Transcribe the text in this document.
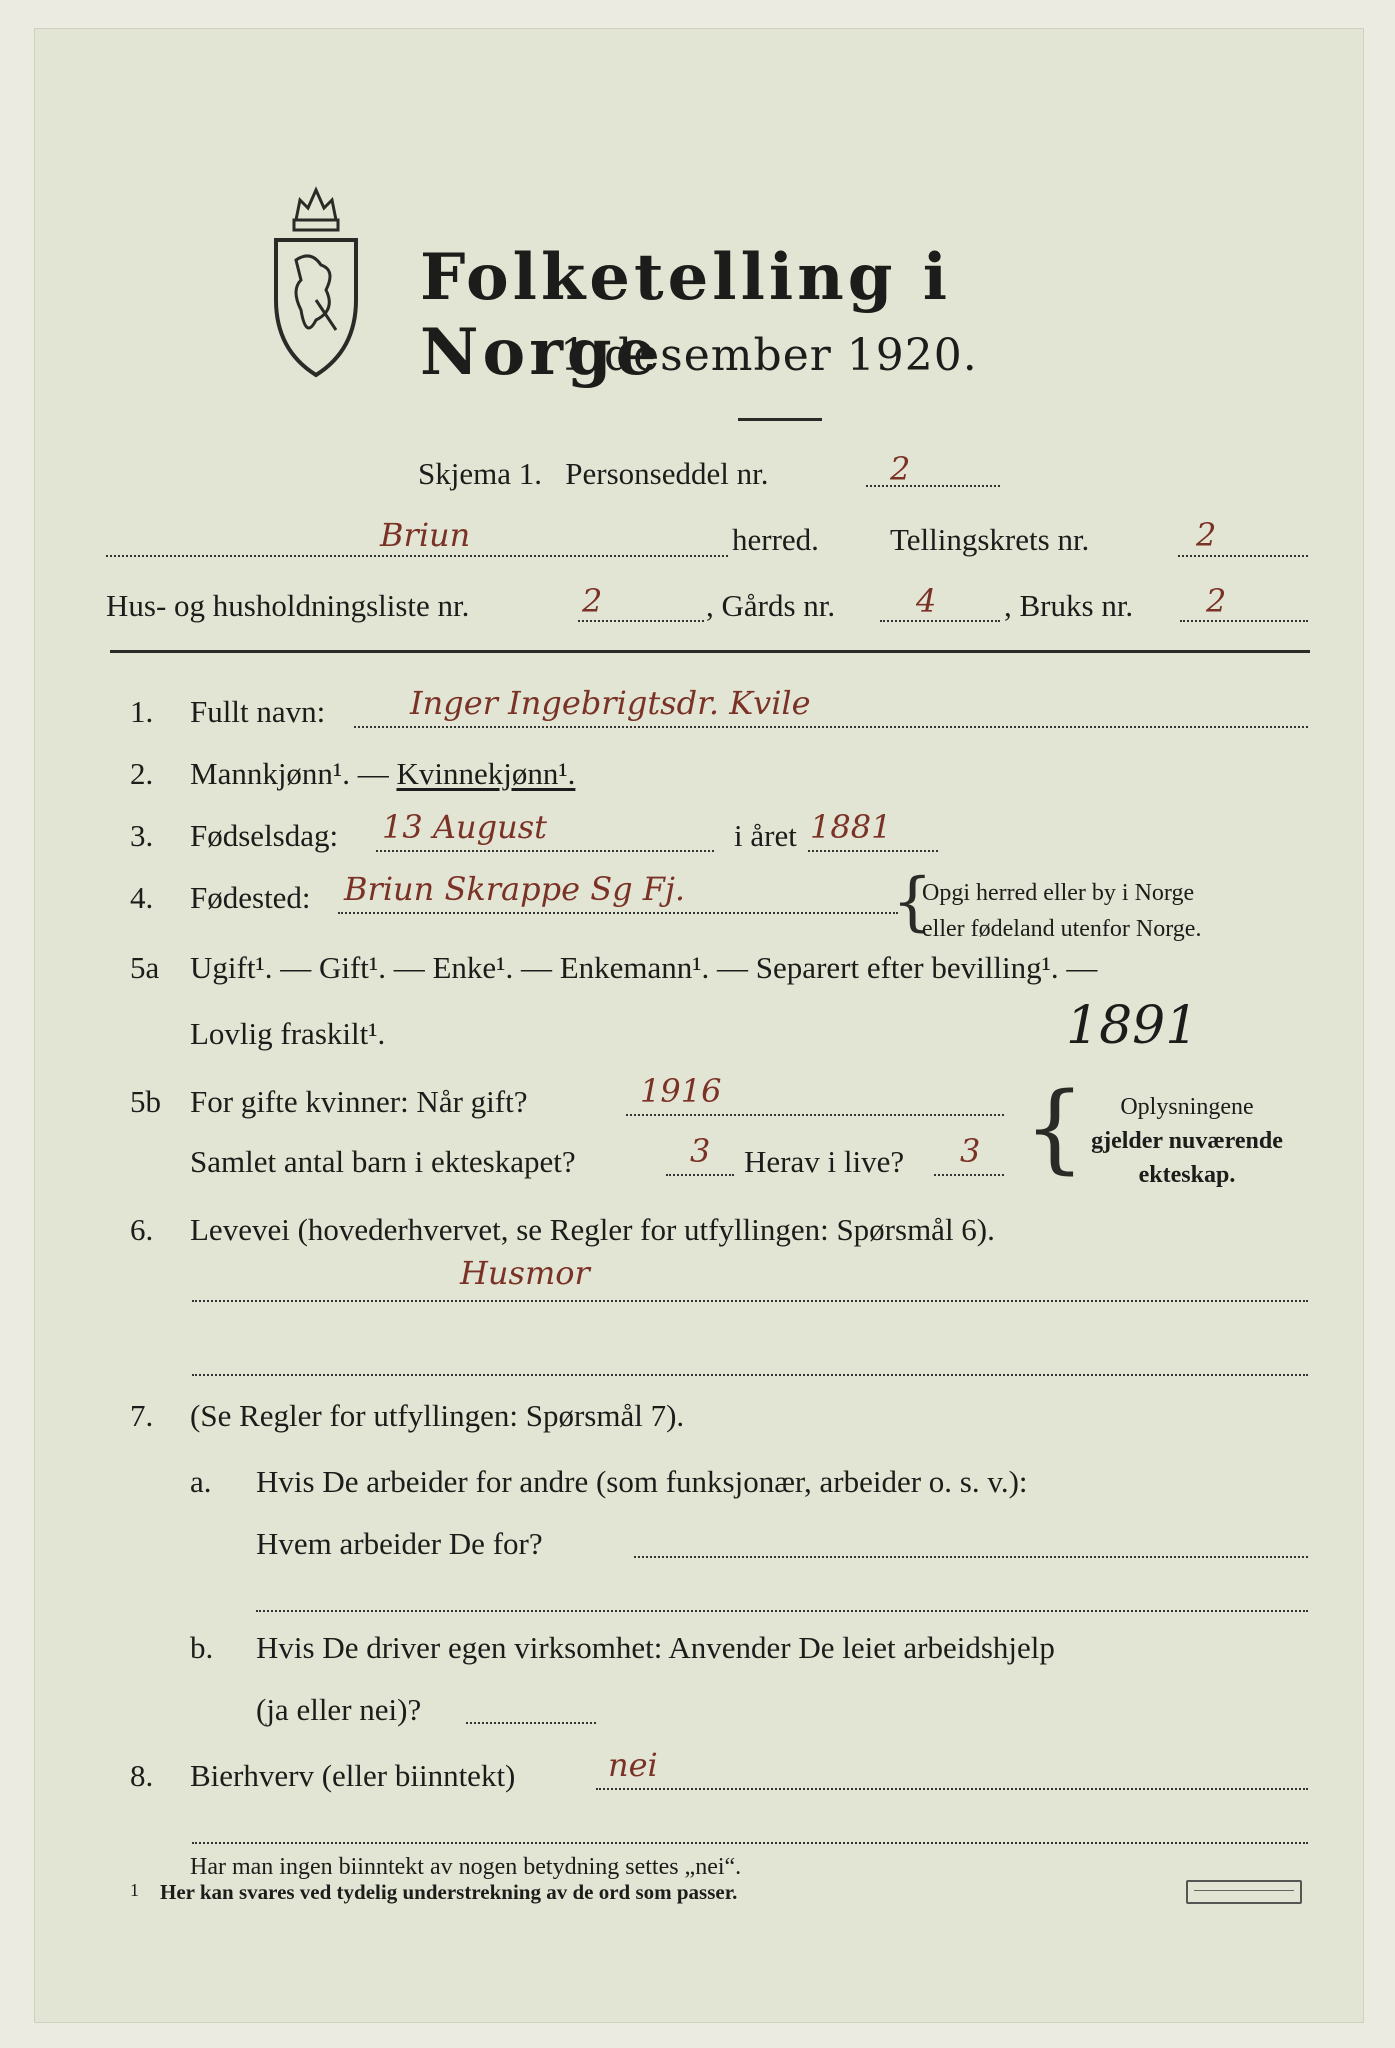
Folketelling i Norge
1 desember 1920.
Skjema 1. Personseddel nr.	2
Briun	herred. Tellingskrets nr.	2
Hus- og husholdningsliste nr.	2	, Gårds nr.	4 , Bruks nr. 2
1. Fullt navn:	Inger Ingebrigtsdr. Kvile
2. Mannkjønn¹. — Kvinnekjønn¹.
3. Fødselsdag: 13 August	i året 1881
4. Fødested: Briun Skrappe Sg Fj.	{
Opgi herred eller by i Norge
eller fødeland utenfor Norge.
5a Ugift¹. — Gift¹. — Enke¹. — Enkemann¹. — Separert efter bevilling¹. —
Lovlig fraskilt¹.	1891
5b For gifte kvinner: Når gift?	1916
Samlet antal barn i ekteskapet?	3 Herav i live? 3 {	Oplysningene
gjelder nuværende
ekteskap.
6. Levevei (hovederhvervet, se Regler for utfyllingen: Spørsmål 6).
Husmor
7. (Se Regler for utfyllingen: Spørsmål 7).
a. Hvis De arbeider for andre (som funksjonær, arbeider o. s. v.):
Hvem arbeider De for?
b. Hvis De driver egen virksomhet: Anvender De leiet arbeidshjelp
(ja eller nei)?
8. Bierhverv (eller biinntekt)	nei
Har man ingen biinntekt av nogen betydning settes „nei“.
1 Her kan svares ved tydelig understrekning av de ord som passer.
